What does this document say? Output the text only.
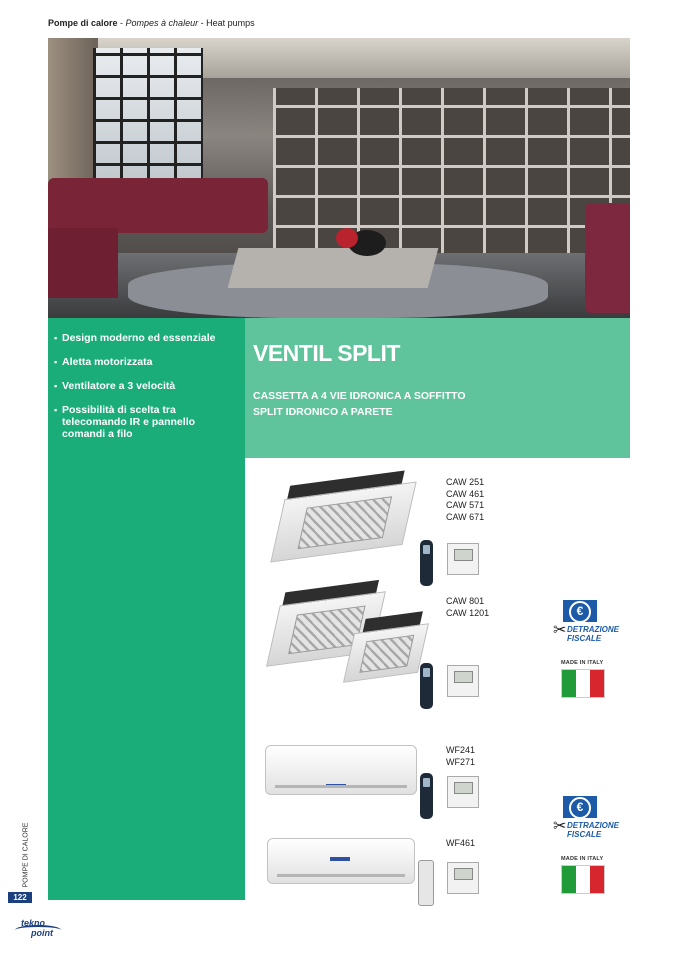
Pompe di calore - Pompes à chaleur - Heat pumps
▪ Design moderno ed essenziale
▪ Aletta motorizzata
▪ Ventilatore a 3 velocità
▪ Possibilità di scelta tra telecomando IR e pannello comandi a filo
VENTIL SPLIT
CASSETTA A 4 VIE IDRONICA A SOFFITTO
SPLIT IDRONICO A PARETE
CAW 251
CAW 461
CAW 571
CAW 671
CAW 801
CAW 1201
WF241
WF271
WF461
€
✂ DETRAZIONE
FISCALE
MADE IN ITALY
€
✂ DETRAZIONE
FISCALE
MADE IN ITALY
POMPE DI CALORE
122
tekno
point
